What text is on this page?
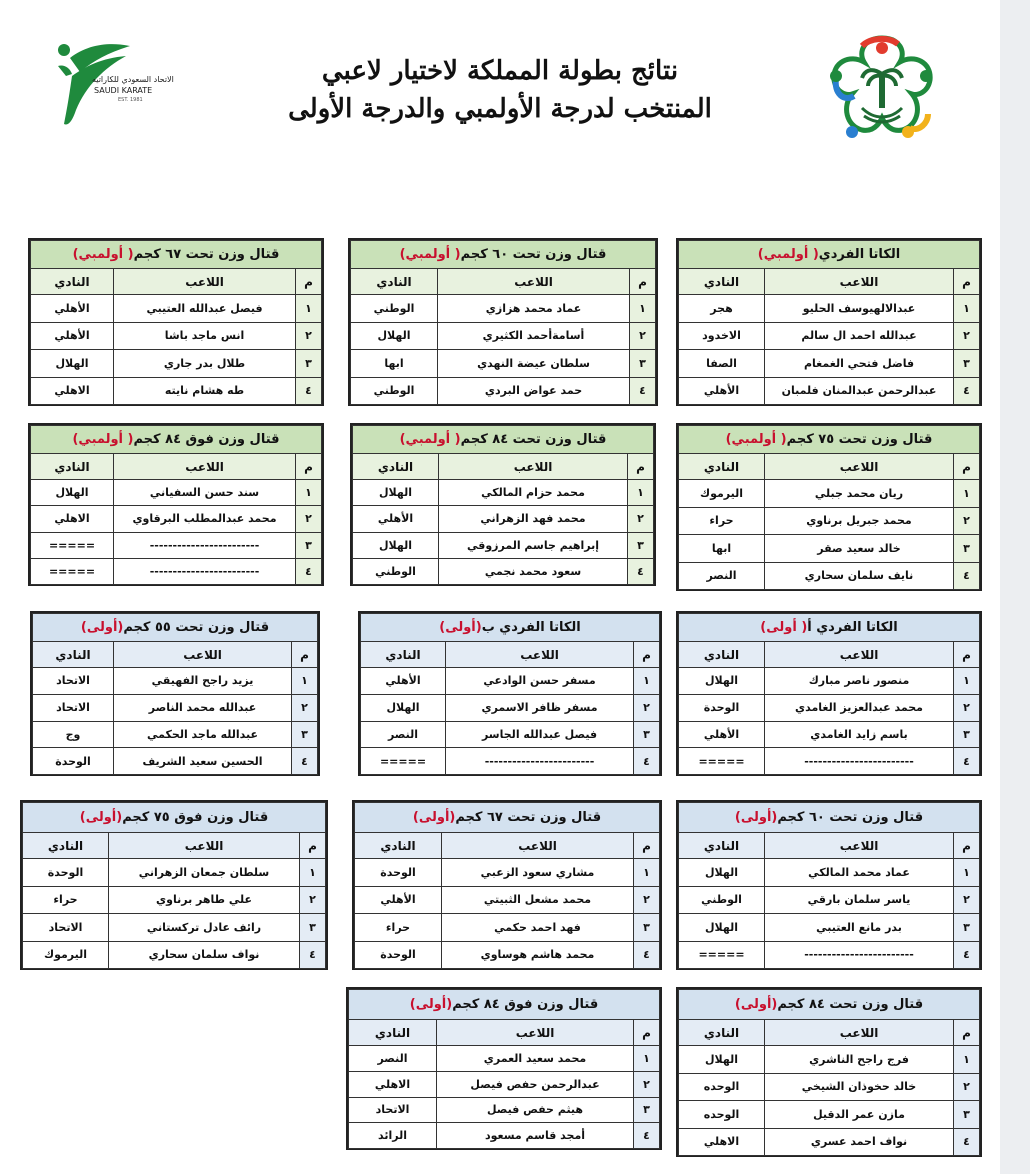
الاتحاد السعودي للكاراتيه
SAUDI KARATE
EST. 1981
نتائج بطولة المملكة لاختيار لاعبي
المنتخب لدرجة الأولمبي والدرجة الأولى
الكاتا الفردي( أولمبي)		
م	اللاعب	النادي
١	عبدالالهيوسف الحليو	هجر
٢	عبدالله احمد ال سالم	الاخدود
٣	فاضل فتحي الغمغام	الصفا
٤	عبدالرحمن عبدالمنان فلمبان	الأهلي
قتال وزن تحت ٦٠ كجم( أولمبي)		
م	اللاعب	النادي
١	عماد محمد هزازي	الوطني
٢	أسامةأحمد الكثيري	الهلال
٣	سلطان عيضة النهدي	ابها
٤	حمد عواض البردي	الوطني
قتال وزن تحت ٦٧ كجم( أولمبي)		
م	اللاعب	النادي
١	فيصل عبدالله العتيبي	الأهلي
٢	انس ماجد باشا	الأهلي
٣	طلال بدر جاري	الهلال
٤	طه هشام نايته	الاهلي
قتال وزن تحت ٧٥ كجم( أولمبي)		
م	اللاعب	النادي
١	ريان محمد جبلي	اليرموك
٢	محمد جبريل برناوي	حراء
٣	خالد سعيد صقر	ابها
٤	نايف سلمان سحاري	النصر
قتال وزن تحت ٨٤ كجم( أولمبي)		
م	اللاعب	النادي
١	محمد حزام المالكي	الهلال
٢	محمد فهد الزهراني	الأهلي
٣	إبراهيم جاسم المرزوقي	الهلال
٤	سعود محمد نجمي	الوطني
قتال وزن فوق ٨٤ كجم( أولمبي)		
م	اللاعب	النادي
١	سند حسن السفياني	الهلال
٢	محمد عبدالمطلب البرقاوي	الاهلي
٣	------------------------	=====
٤	------------------------	=====
الكاتا الفردي أ( أولى)		
م	اللاعب	النادي
١	منصور ناصر مبارك	الهلال
٢	محمد عبدالعزيز الغامدي	الوحدة
٣	باسم زايد الغامدي	الأهلي
٤	------------------------	=====
الكاتا الفردي ب(أولى)		
م	اللاعب	النادي
١	مسفر حسن الوادعي	الأهلي
٢	مسفر ظافر الاسمري	الهلال
٣	فيصل عبدالله الجاسر	النصر
٤	------------------------	=====
قتال وزن تحت ٥٥ كجم(أولى)		
م	اللاعب	النادي
١	يزيد راجح الفهيقي	الاتحاد
٢	عبدالله محمد الناصر	الاتحاد
٣	عبدالله ماجد الحكمي	وج
٤	الحسين سعيد الشريف	الوحدة
قتال وزن تحت ٦٠ كجم(أولى)		
م	اللاعب	النادي
١	عماد محمد المالكي	الهلال
٢	ياسر سلمان بارقي	الوطني
٣	بدر مانع العتيبي	الهلال
٤	------------------------	=====
قتال وزن تحت ٦٧ كجم(أولى)		
م	اللاعب	النادي
١	مشاري سعود الزعبي	الوحدة
٢	محمد مشعل الثبيتي	الأهلي
٣	فهد احمد حكمي	حراء
٤	محمد هاشم هوساوي	الوحدة
قتال وزن فوق ٧٥ كجم(أولى)		
م	اللاعب	النادي
١	سلطان جمعان الزهراني	الوحدة
٢	علي طاهر برناوي	حراء
٣	رائف عادل تركستاني	الاتحاد
٤	نواف سلمان سحاري	اليرموك
قتال وزن تحت ٨٤ كجم(أولى)		
م	اللاعب	النادي
١	فرج راجح الناشري	الهلال
٢	خالد حخوذان الشيخي	الوحده
٣	مازن عمر الدقيل	الوحده
٤	نواف احمد عسري	الاهلي
قتال وزن فوق ٨٤ كجم(أولى)		
م	اللاعب	النادي
١	محمد سعيد العمري	النصر
٢	عبدالرحمن حفص فيصل	الاهلي
٣	هيثم حفص فيصل	الاتحاد
٤	أمجد قاسم مسعود	الرائد
